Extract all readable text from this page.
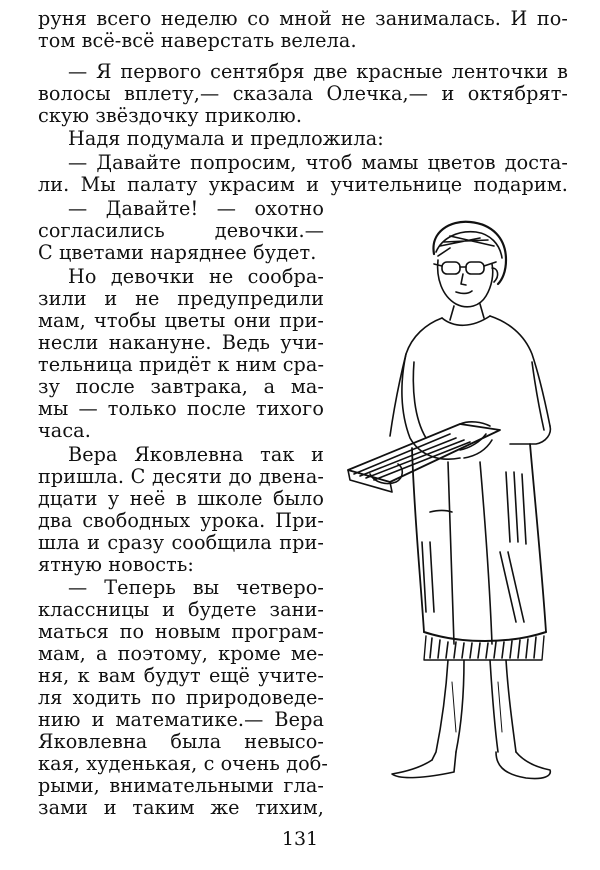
руня всего неделю со мной не занималась. И по-
том всё-всё наверстать велела.
— Я первого сентября две красные ленточки в
волосы вплету,— сказала Олечка,— и октябрят-
скую звёздочку приколю.
Надя подумала и предложила:
— Давайте попросим, чтоб мамы цветов доста-
ли. Мы палату украсим и учительнице подарим.
— Давайте! — охотно
согласились девочки.—
С цветами наряднее будет.
Но девочки не сообра-
зили и не предупредили
мам, чтобы цветы они при-
несли накануне. Ведь учи-
тельница придёт к ним сра-
зу после завтрака, а ма-
мы — только после тихого
часа.
Вера Яковлевна так и
пришла. С десяти до двена-
дцати у неё в школе было
два свободных урока. При-
шла и сразу сообщила при-
ятную новость:
— Теперь вы четверо-
классницы и будете зани-
маться по новым програм-
мам, а поэтому, кроме ме-
ня, к вам будут ещё учите-
ля ходить по природоведе-
нию и математике.— Вера
Яковлевна была невысо-
кая, худенькая, с очень доб-
рыми, внимательными гла-
зами и таким же тихим,
131
